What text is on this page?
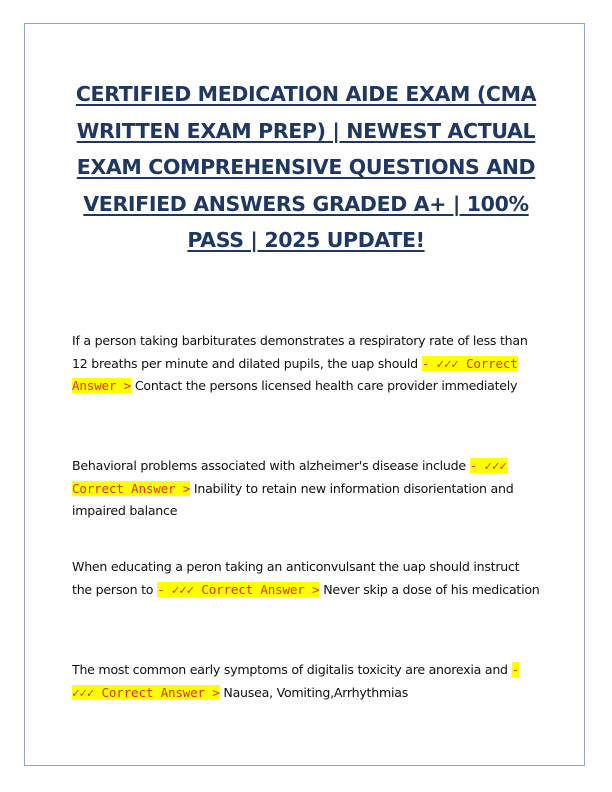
CERTIFIED MEDICATION AIDE EXAM (CMA WRITTEN EXAM PREP) | NEWEST ACTUAL EXAM COMPREHENSIVE QUESTIONS AND VERIFIED ANSWERS GRADED A+ | 100% PASS | 2025 UPDATE!

If a person taking barbiturates demonstrates a respiratory rate of less than 12 breaths per minute and dilated pupils, the uap should - ✓✓✓ Correct Answer > Contact the persons licensed health care provider immediately

Behavioral problems associated with alzheimer's disease include - ✓✓✓ Correct Answer > Inability to retain new information disorientation and impaired balance

When educating a peron taking an anticonvulsant the uap should instruct the person to - ✓✓✓ Correct Answer > Never skip a dose of his medication

The most common early symptoms of digitalis toxicity are anorexia and - ✓✓✓ Correct Answer > Nausea, Vomiting,Arrhythmias
